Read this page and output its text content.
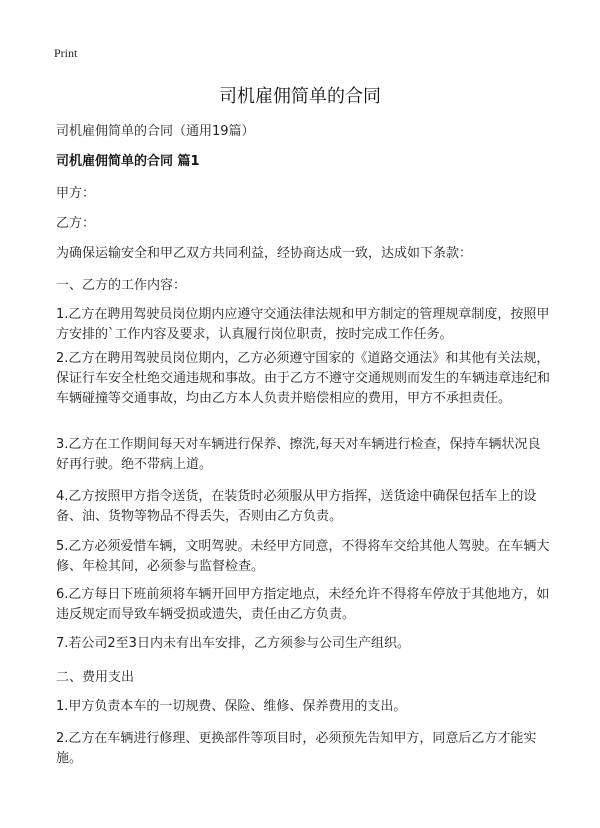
Print
司机雇佣简单的合同
司机雇佣简单的合同（通用19篇）
司机雇佣简单的合同 篇1
甲方：
乙方：
为确保运输安全和甲乙双方共同利益，经协商达成一致，达成如下条款：
一、乙方的工作内容：
1.乙方在聘用驾驶员岗位期内应遵守交通法律法规和甲方制定的管理规章制度，按照甲方安排的`工作内容及要求，认真履行岗位职责，按时完成工作任务。
2.乙方在聘用驾驶员岗位期内，乙方必须遵守国家的《道路交通法》和其他有关法规，保证行车安全杜绝交通违规和事故。由于乙方不遵守交通规则而发生的车辆违章违纪和车辆碰撞等交通事故，均由乙方本人负责并赔偿相应的费用，甲方不承担责任。
3.乙方在工作期间每天对车辆进行保养、擦洗,每天对车辆进行检查，保持车辆状况良好再行驶。绝不带病上道。
4.乙方按照甲方指令送货，在装货时必须服从甲方指挥，送货途中确保包括车上的设备、油、货物等物品不得丢失，否则由乙方负责。
5.乙方必须爱惜车辆，文明驾驶。未经甲方同意，不得将车交给其他人驾驶。在车辆大修、年检其间，必须参与监督检查。
6.乙方每日下班前须将车辆开回甲方指定地点，未经允许不得将车停放于其他地方，如违反规定而导致车辆受损或遗失，责任由乙方负责。
7.若公司2至3日内未有出车安排，乙方须参与公司生产组织。
二、费用支出
1.甲方负责本车的一切规费、保险、维修、保养费用的支出。
2.乙方在车辆进行修理、更换部件等项目时，必须预先告知甲方，同意后乙方才能实施。
